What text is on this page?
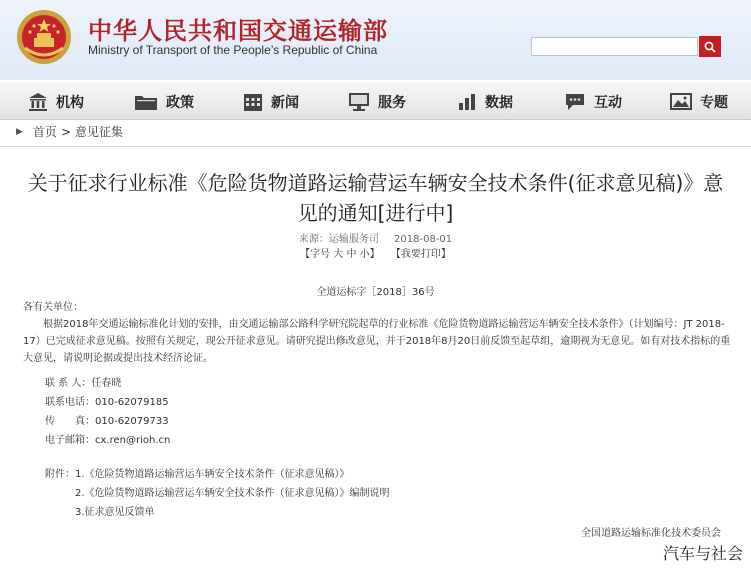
中华人民共和国交通运输部
Ministry of Transport of the People’s Republic of China
机构	政策	新闻	服务	数据	互动	专题
▶ 首页 > 意见征集
关于征求行业标准《危险货物道路运输营运车辆安全技术条件(征求意见稿)》意见的通知[进行中]
来源：运输服务司 2018-08-01
【字号 大 中 小】 【我要打印】
全道运标字［2018］36号
各有关单位：
根据2018年交通运输标准化计划的安排，由交通运输部公路科学研究院起草的行业标准《危险货物道路运输营运车辆安全技术条件》（计划编号：JT 2018-17）已完成征求意见稿。按照有关规定，现公开征求意见。请研究提出修改意见，并于2018年8月20日前反馈至起草组，逾期视为无意见。如有对技术指标的重大意见，请说明论据或提出技术经济论证。
联 系 人：任春晓
联系电话：010-62079185
传　　真：010-62079733
电子邮箱：cx.ren@rioh.cn
附件：1.《危险货物道路运输营运车辆安全技术条件（征求意见稿）》
2.《危险货物道路运输营运车辆安全技术条件（征求意见稿）》编制说明
3.征求意见反馈单
全国道路运输标准化技术委员会
汽车与社会
